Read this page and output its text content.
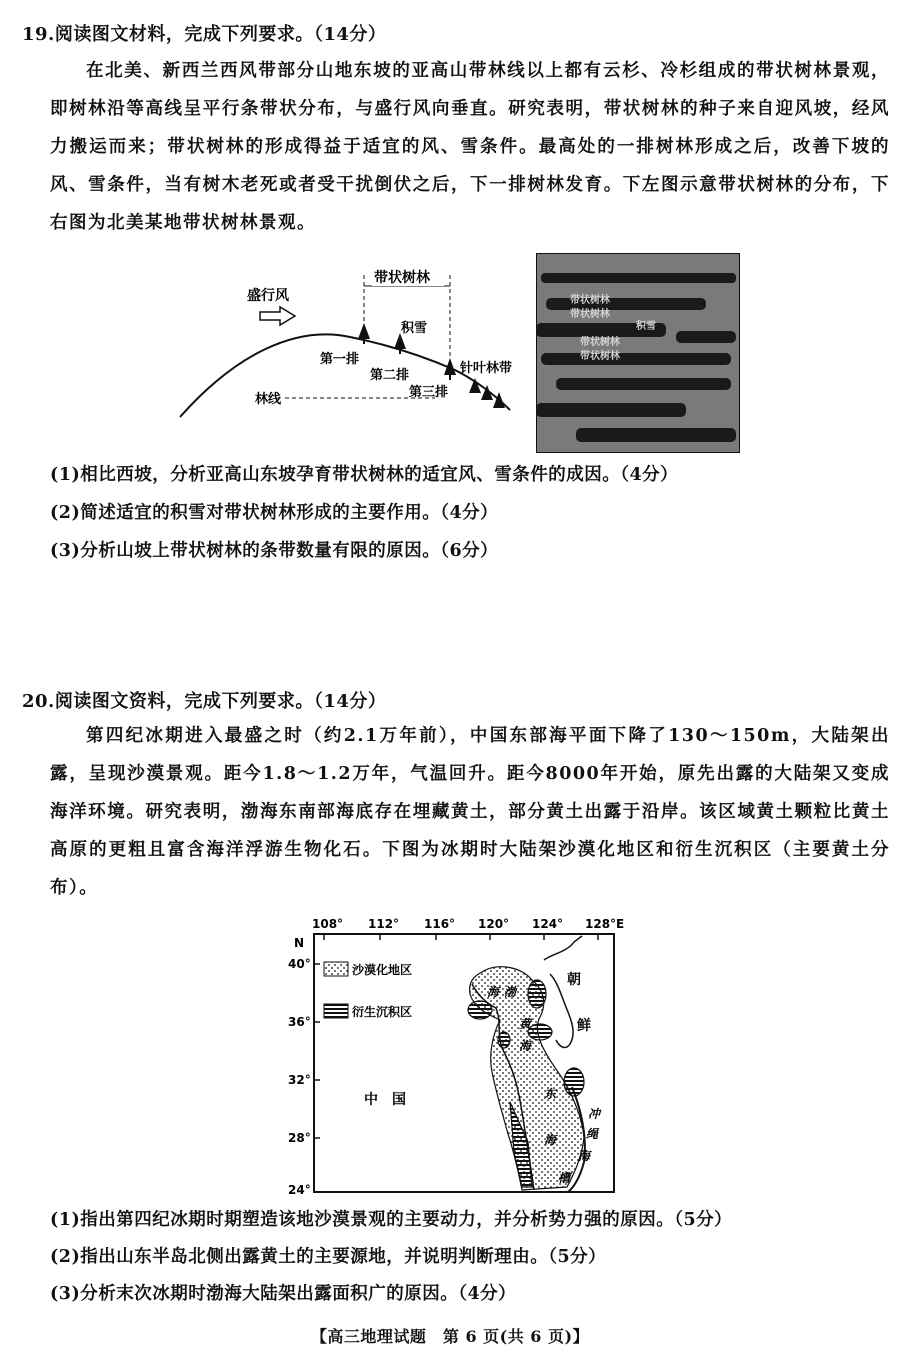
19.阅读图文材料，完成下列要求。（14分）
在北美、新西兰西风带部分山地东坡的亚高山带林线以上都有云杉、冷杉组成的带状树林景观，即树林沿等高线呈平行条带状分布，与盛行风向垂直。研究表明，带状树林的种子来自迎风坡，经风力搬运而来；带状树林的形成得益于适宜的风、雪条件。最高处的一排树林形成之后，改善下坡的风、雪条件，当有树木老死或者受干扰倒伏之后，下一排树林发育。下左图示意带状树林的分布，下右图为北美某地带状树林景观。
盛行风
带状树林
林线
积雪
第一排
第二排
第三排
针叶林带
带状树林
带状树林
积雪
带状树林
带状树林
(1)相比西坡，分析亚高山东坡孕育带状树林的适宜风、雪条件的成因。（4分）
(2)简述适宜的积雪对带状树林形成的主要作用。（4分）
(3)分析山坡上带状树林的条带数量有限的原因。（6分）
20.阅读图文资料，完成下列要求。（14分）
第四纪冰期进入最盛之时（约2.1万年前），中国东部海平面下降了130～150m，大陆架出露，呈现沙漠景观。距今1.8～1.2万年，气温回升。距今8000年开始，原先出露的大陆架又变成海洋环境。研究表明，渤海东南部海底存在埋藏黄土，部分黄土出露于沿岸。该区域黄土颗粒比黄土高原的更粗且富含海洋浮游生物化石。下图为冰期时大陆架沙漠化地区和衍生沉积区（主要黄土分布）。
108° 112° 116° 120° 124° 128°E
N
40°
36°
32°
28°
24°
沙漠化地区
衍生沉积区
中　国
朝
鲜
渤
海
黄
海
东
海
冲
绳
海
槽
(1)指出第四纪冰期时期塑造该地沙漠景观的主要动力，并分析势力强的原因。（5分）
(2)指出山东半岛北侧出露黄土的主要源地，并说明判断理由。（5分）
(3)分析末次冰期时渤海大陆架出露面积广的原因。（4分）
【高三地理试题　第 6 页(共 6 页)】
